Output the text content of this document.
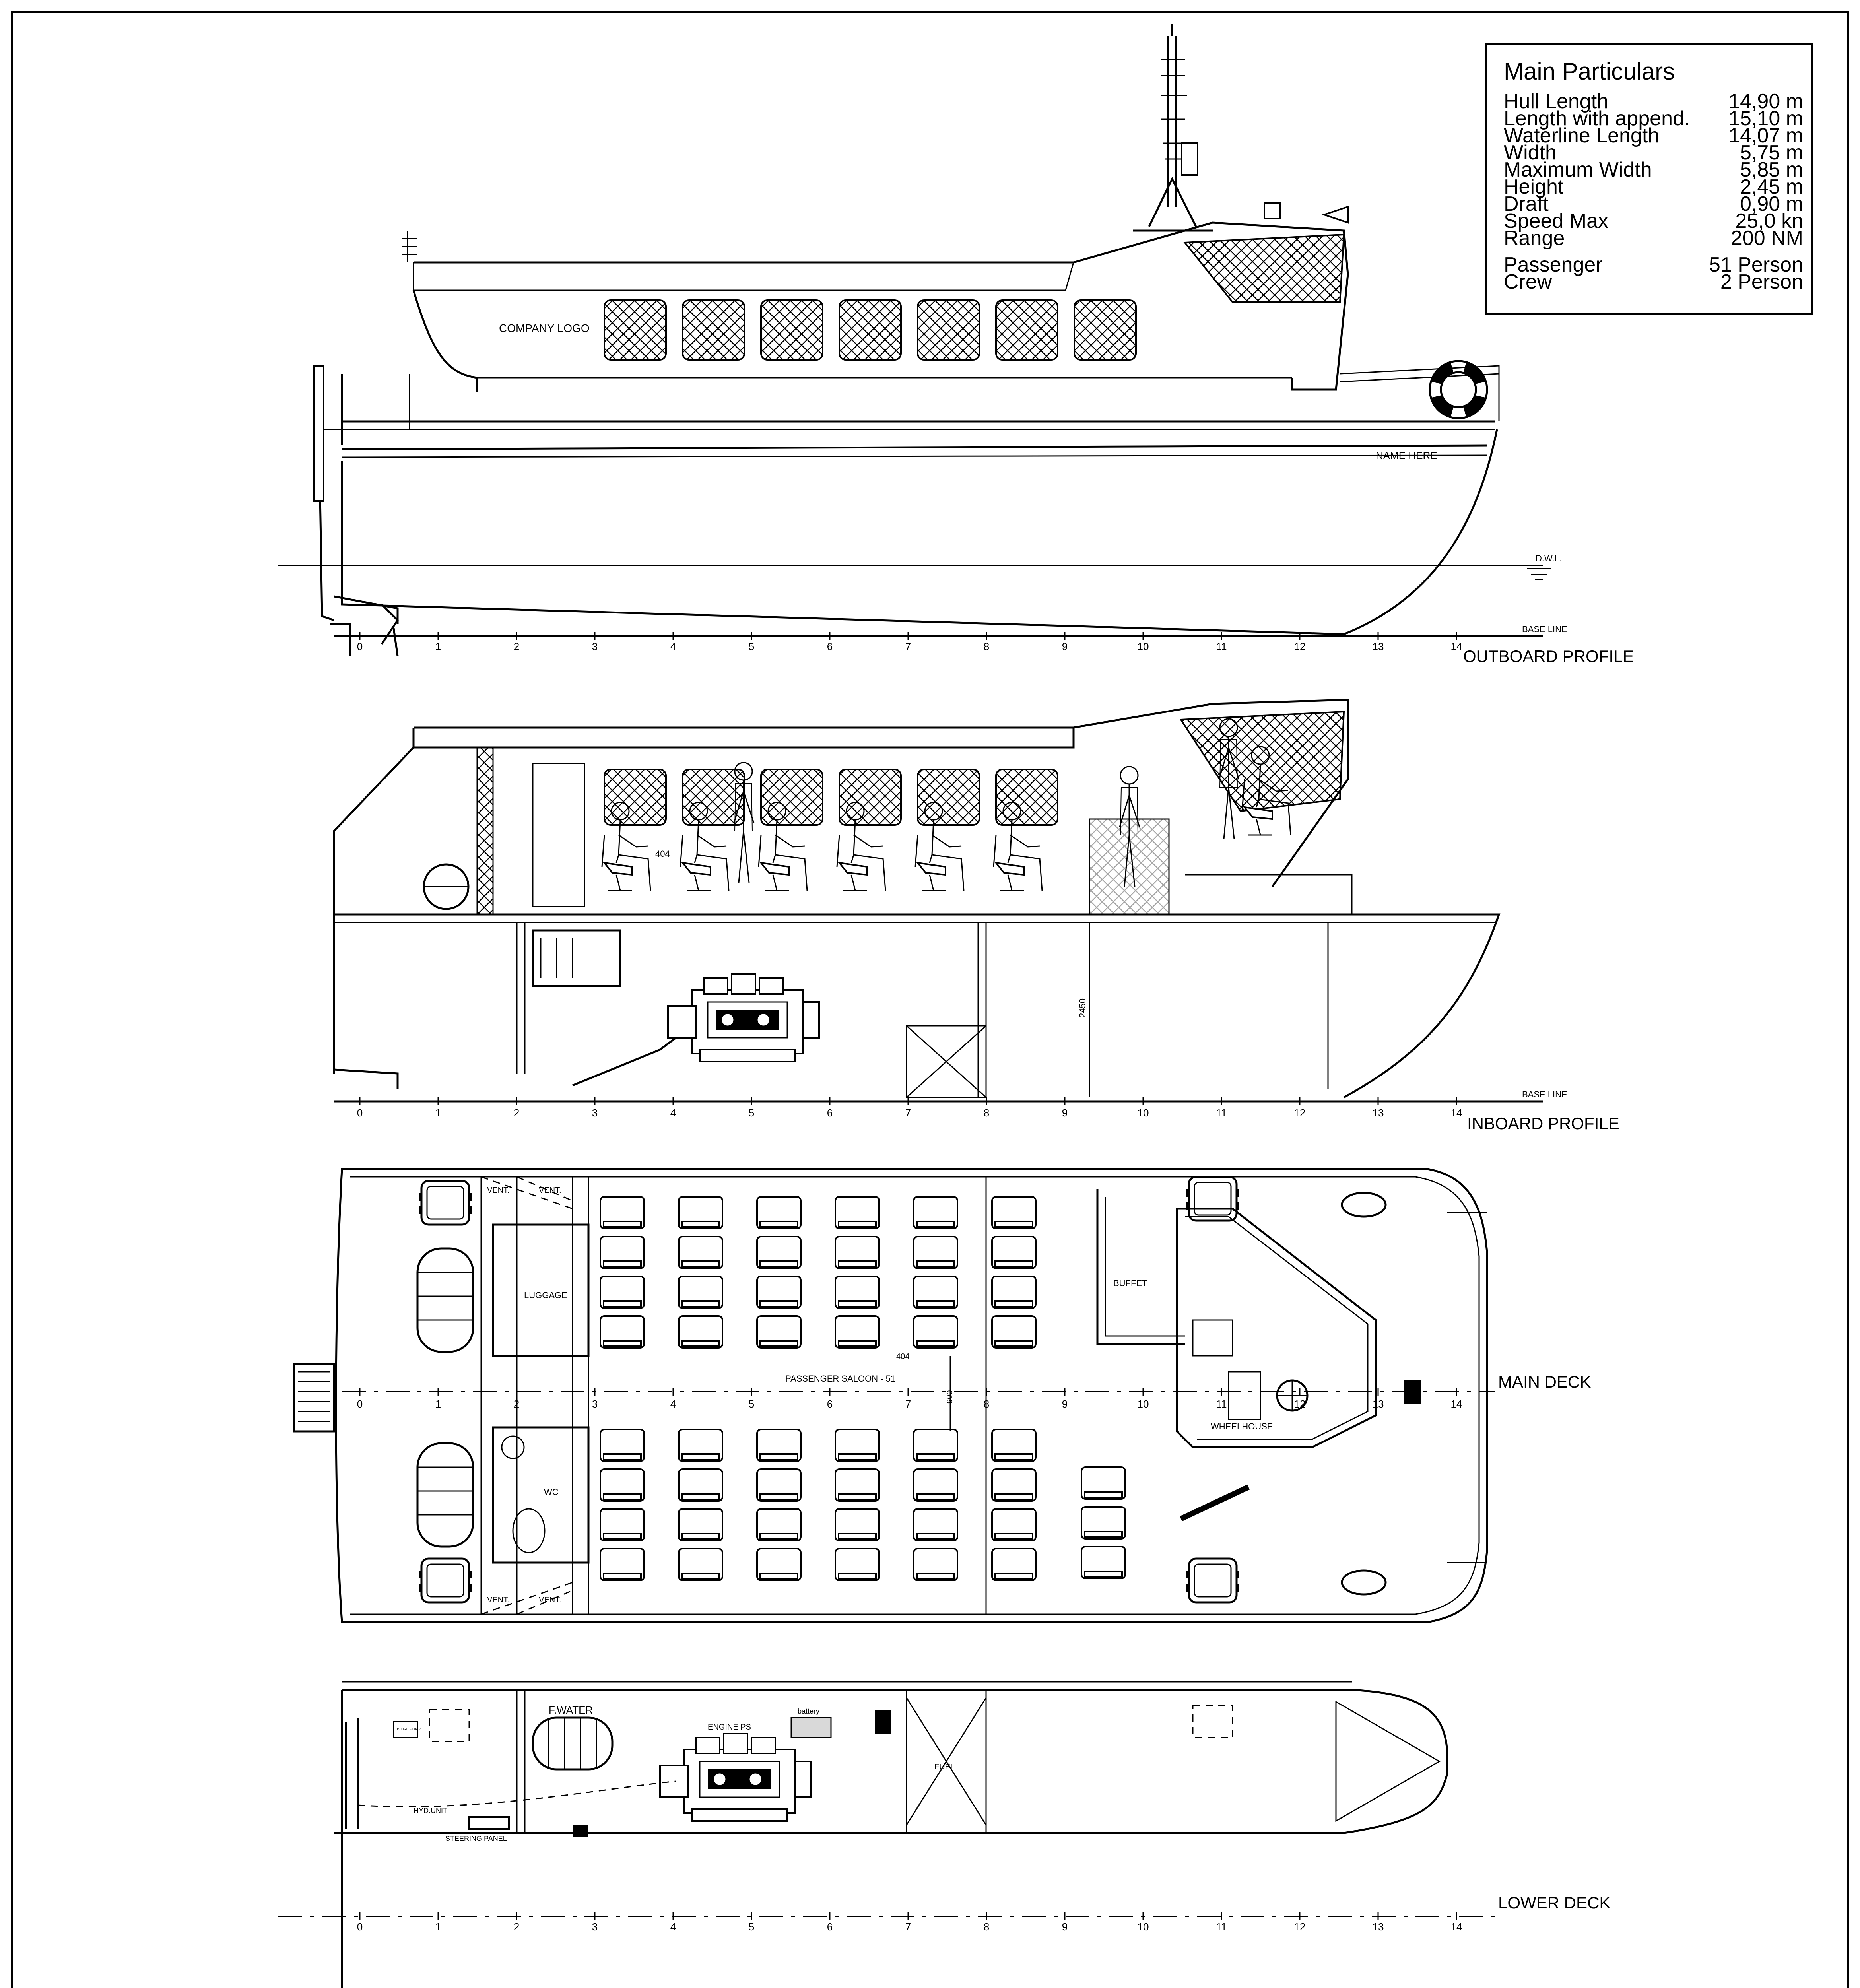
Main Particulars
Hull Length	14,90 m
Length with append. 15,10 m
Waterline Length	14,07 m
Width	5,75 m
Maximum Width	5,85 m
Height	2,45 m
Draft	0,90 m
Speed Max	25,0 kn
Range	200 NM
Passenger	51 Person
Crew	2 Person
COMPANY LOGO
NAME HERE
D.W.L.
BASE LINE
0	1	2	3	4	5	6	7	8	9	10	11	12	13	14
OUTBOARD PROFILE
404
2450
BASE LINE
0	1	2	3	4	5	6	7	8	9	10	11	12	13	14
INBOARD PROFILE
VENT.	VENT.
VENT.	VENT.
LUGGAGE
WC
0	1	2	3	4	5	6	7	8	9	10	11	12	13	14
PASSENGER SALOON - 51
404
900
BUFFET
WHEELHOUSE
MAIN DECK
FUEL
F.WATER
ENGINE PS
battery
HYD.UNIT
STEERING PANEL
BILGE PUMP
0	1	2	3	4	5	6	7	8	9	10	11	12	13	14
LOWER DECK
